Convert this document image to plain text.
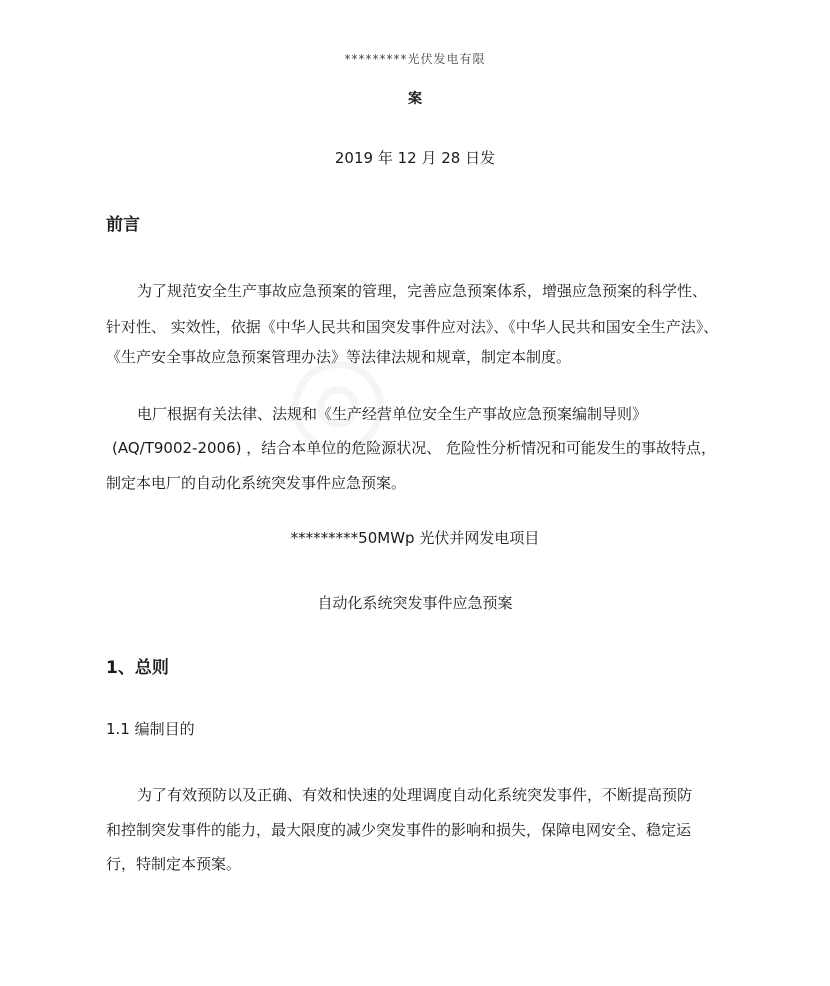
*********光伏发电有限
案
2019 年 12 月 28 日发
前言
为了规范安全生产事故应急预案的管理，完善应急预案体系，增强应急预案的科学性、
针对性、 实效性，依据《中华人民共和国突发事件应对法》、《中华人民共和国安全生产法》、
《生产安全事故应急预案管理办法》等法律法规和规章，制定本制度。
电厂根据有关法律、法规和《生产经营单位安全生产事故应急预案编制导则》
(AQ/T9002-2006) ，结合本单位的危险源状况、 危险性分析情况和可能发生的事故特点，
制定本电厂的自动化系统突发事件应急预案。
*********50MWp 光伏并网发电项目
自动化系统突发事件应急预案
1、总则
1.1 编制目的
为了有效预防以及正确、有效和快速的处理调度自动化系统突发事件，不断提高预防
和控制突发事件的能力，最大限度的减少突发事件的影响和损失，保障电网安全、稳定运
行，特制定本预案。
